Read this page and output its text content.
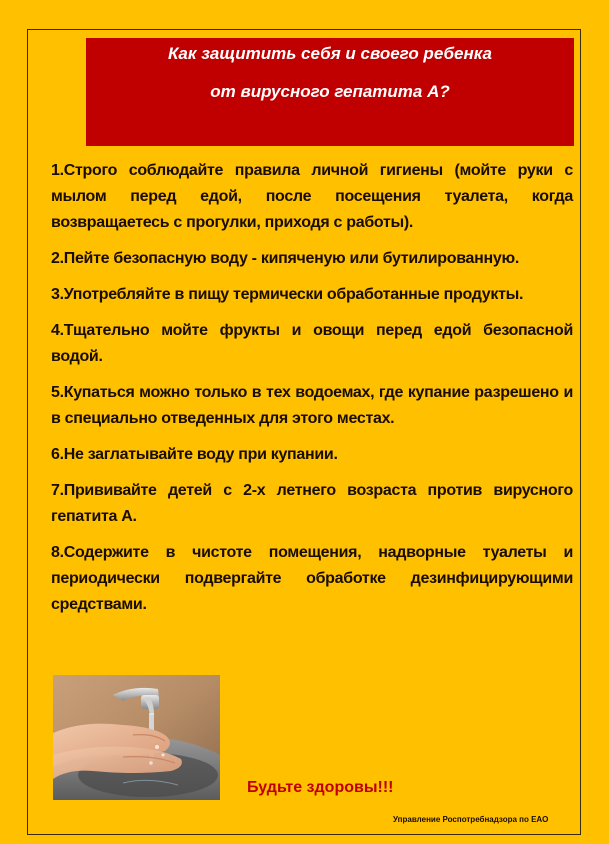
Как защитить себя и своего ребенка
от вирусного гепатита А?

1.Строго соблюдайте правила личной гигиены (мойте руки с мылом перед едой, после посещения туалета, когда возвращаетесь с прогулки, приходя с работы).

2.Пейте безопасную воду - кипяченую или бутилированную.

3.Употребляйте в пищу термически обработанные продукты.

4.Тщательно мойте фрукты и овощи перед едой безопасной водой.

5.Купаться можно только в тех водоемах, где купание разрешено и в специально отведенных для этого местах.

6.Не заглатывайте воду при купании.

7.Прививайте детей с 2-х летнего возраста против вирусного гепатита А.

8.Содержите в чистоте помещения, надворные туалеты и периодически подвергайте обработке дезинфицирующими средствами.

Будьте здоровы!!!
Управление Роспотребнадзора по ЕАО
